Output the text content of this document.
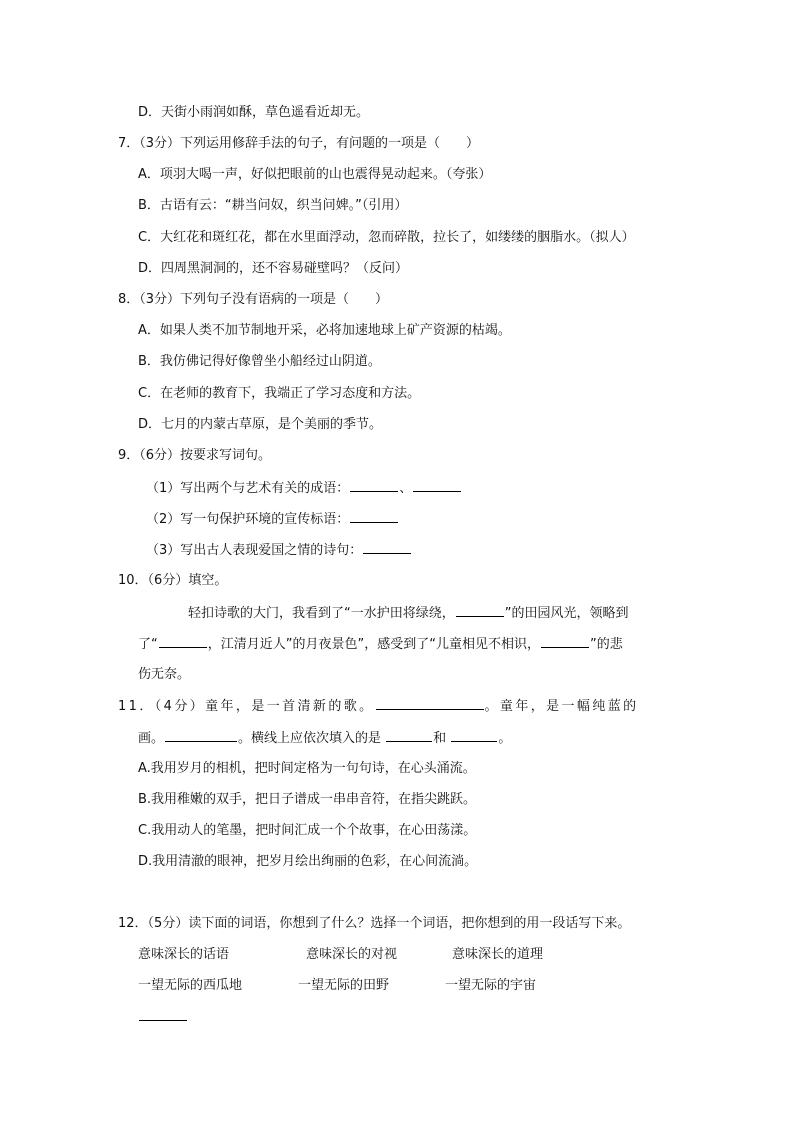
D．天街小雨润如酥，草色遥看近却无。
7．（3分）下列运用修辞手法的句子，有问题的一项是（　　）
A．项羽大喝一声，好似把眼前的山也震得晃动起来。（夸张）
B．古语有云：“耕当问奴，织当问婢。”（引用）
C．大红花和斑红花，都在水里面浮动，忽而碎散，拉长了，如缕缕的胭脂水。（拟人）
D．四周黑洞洞的，还不容易碰壁吗？（反问）
8．（3分）下列句子没有语病的一项是（　　）
A．如果人类不加节制地开采，必将加速地球上矿产资源的枯竭。
B．我仿佛记得好像曾坐小船经过山阴道。
C．在老师的教育下，我端正了学习态度和方法。
D．七月的内蒙古草原，是个美丽的季节。
9．（6分）按要求写词句。
（1）写出两个与艺术有关的成语：	、
（2）写一句保护环境的宣传标语：
（3）写出古人表现爱国之情的诗句：
10．（6分）填空。
轻扣诗歌的大门，我看到了“一水护田将绿绕，	”的田园风光，领略到
了“	，江清月近人”的月夜景色”，感受到了“儿童相见不相识，	”的悲
伤无奈。
11．（4分）童年，是一首清新的歌。	。童年，是一幅纯蓝的
画。	。横线上应依次填入的是	和	。
A.我用岁月的相机，把时间定格为一句句诗，在心头涌流。
B.我用稚嫩的双手，把日子谱成一串串音符，在指尖跳跃。
C.我用动人的笔墨，把时间汇成一个个故事，在心田荡漾。
D.我用清澈的眼神，把岁月绘出绚丽的色彩，在心间流淌。
12．（5分）读下面的词语，你想到了什么？选择一个词语，把你想到的用一段话写下来。
意味深长的话语	意味深长的对视	意味深长的道理
一望无际的西瓜地	一望无际的田野	一望无际的宇宙
